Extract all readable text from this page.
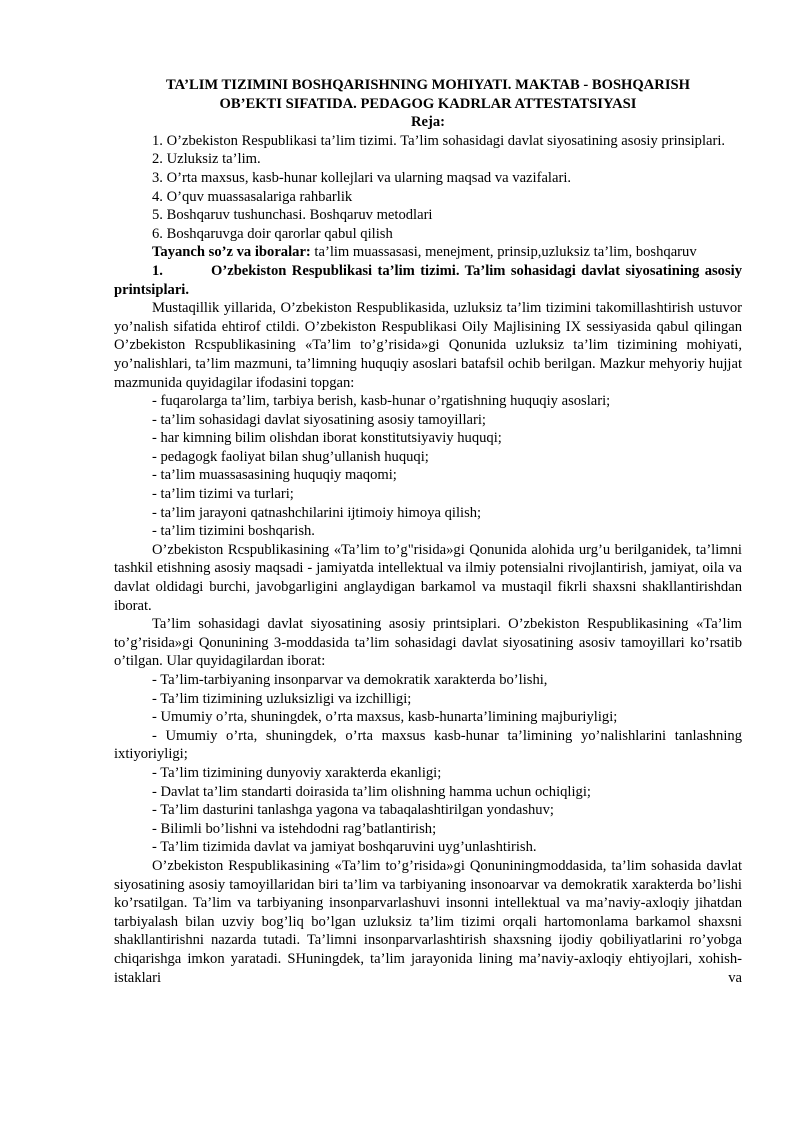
TA’LIM TIZIMINI BOSHQARISHNING MOHIYATI. MAKTAB - BOSHQARISH

OB’EKTI SIFATIDA. PEDAGOG KADRLAR ATTESTATSIYASI

Reja:

1. O’zbekiston Respublikasi ta’lim tizimi. Ta’lim sohasidagi davlat siyosatining asosiy prinsiplari.

2. Uzluksiz ta’lim.

3. O’rta maxsus, kasb-hunar kollejlari va ularning maqsad va vazifalari.

4. O’quv muassasalariga rahbarlik

5. Boshqaruv tushunchasi. Boshqaruv metodlari

6. Boshqaruvga doir qarorlar qabul qilish

Tayanch so’z va iboralar: ta’lim muassasasi, menejment, prinsip,uzluksiz ta’lim, boshqaruv

1.	O’zbekiston Respublikasi ta’lim tizimi. Ta’lim sohasidagi davlat siyosatining asosiy printsiplari.

Mustaqillik yillarida, O’zbekiston Respublikasida, uzluksiz ta’lim tizimini takomillashtirish ustuvor yo’nalish sifatida ehtirof ctildi. O’zbekiston Respublikasi Oily Majlisining IX sessiyasida qabul qilingan O’zbekiston Rcspublikasining «Ta’lim to’g’risida»gi Qonunida uzluksiz ta’lim tizimining mohiyati, yo’nalishlari, ta’lim mazmuni, ta’limning huquqiy asoslari batafsil ochib berilgan. Mazkur mehyoriy hujjat mazmunida quyidagilar ifodasini topgan:

- fuqarolarga ta’lim, tarbiya berish, kasb-hunar o’rgatishning huquqiy asoslari;

- ta’lim sohasidagi davlat siyosatining asosiy tamoyillari;

- har kimning bilim olishdan iborat konstitutsiyaviy huquqi;

- pedagogk faoliyat bilan shug’ullanish huquqi;

- ta’lim muassasasining huquqiy maqomi;

- ta’lim tizimi va turlari;

- ta’lim jarayoni qatnashchilarini ijtimoiy himoya qilish;

- ta’lim tizimini boshqarish.

O’zbekiston Rcspublikasining «Ta’lim to’g"risida»gi Qonunida alohida urg’u berilganidek, ta’limni tashkil etishning asosiy maqsadi - jamiyatda intellektual va ilmiy potensialni rivojlantirish, jamiyat, oila va davlat oldidagi burchi, javobgarligini anglaydigan barkamol va mustaqil fikrli shaxsni shakllantirishdan iborat.

Ta’lim sohasidagi davlat siyosatining asosiy printsiplari. O’zbekiston Respublikasining «Ta’lim to’g’risida»gi Qonunining 3-moddasida ta’lim sohasidagi davlat siyosatining asosiv tamoyillari ko’rsatib o’tilgan. Ular quyidagilardan iborat:

- Ta’lim-tarbiyaning insonparvar va demokratik xarakterda bo’lishi,

- Ta’lim tizimining uzluksizligi va izchilligi;

- Umumiy o’rta, shuningdek, o’rta maxsus, kasb-hunarta’limining majburiyligi;

- Umumiy o’rta, shuningdek, o’rta maxsus kasb-hunar ta’limining yo’nalishlarini tanlashning ixtiyoriyligi;

- Ta’lim tizimining dunyoviy xarakterda ekanligi;

- Davlat ta’lim standarti doirasida ta’lim olishning hamma uchun ochiqligi;

- Ta’lim dasturini tanlashga yagona va tabaqalashtirilgan yondashuv;

- Bilimli bo’lishni va istehdodni rag’batlantirish;

- Ta’lim tizimida davlat va jamiyat boshqaruvini uyg’unlashtirish.

O’zbekiston Respublikasining «Ta’lim to’g’risida»gi Qonuniningmoddasida, ta’lim sohasida davlat siyosatining asosiy tamoyillaridan biri ta’lim va tarbiyaning insonoarvar va demokratik xarakterda bo’lishi ko’rsatilgan. Ta’lim va tarbiyaning insonparvarlashuvi insonni intellektual va ma’naviy-axloqiy jihatdan tarbiyalash bilan uzviy bog’liq bo’lgan uzluksiz ta’lim tizimi orqali hartomonlama barkamol shaxsni shakllantirishni nazarda tutadi. Ta’limni insonparvarlashtirish shaxsning ijodiy qobiliyatlarini ro’yobga chiqarishga imkon yaratadi. SHuningdek, ta’lim jarayonida lining ma’naviy-axloqiy ehtiyojlari, xohish-istaklari va
